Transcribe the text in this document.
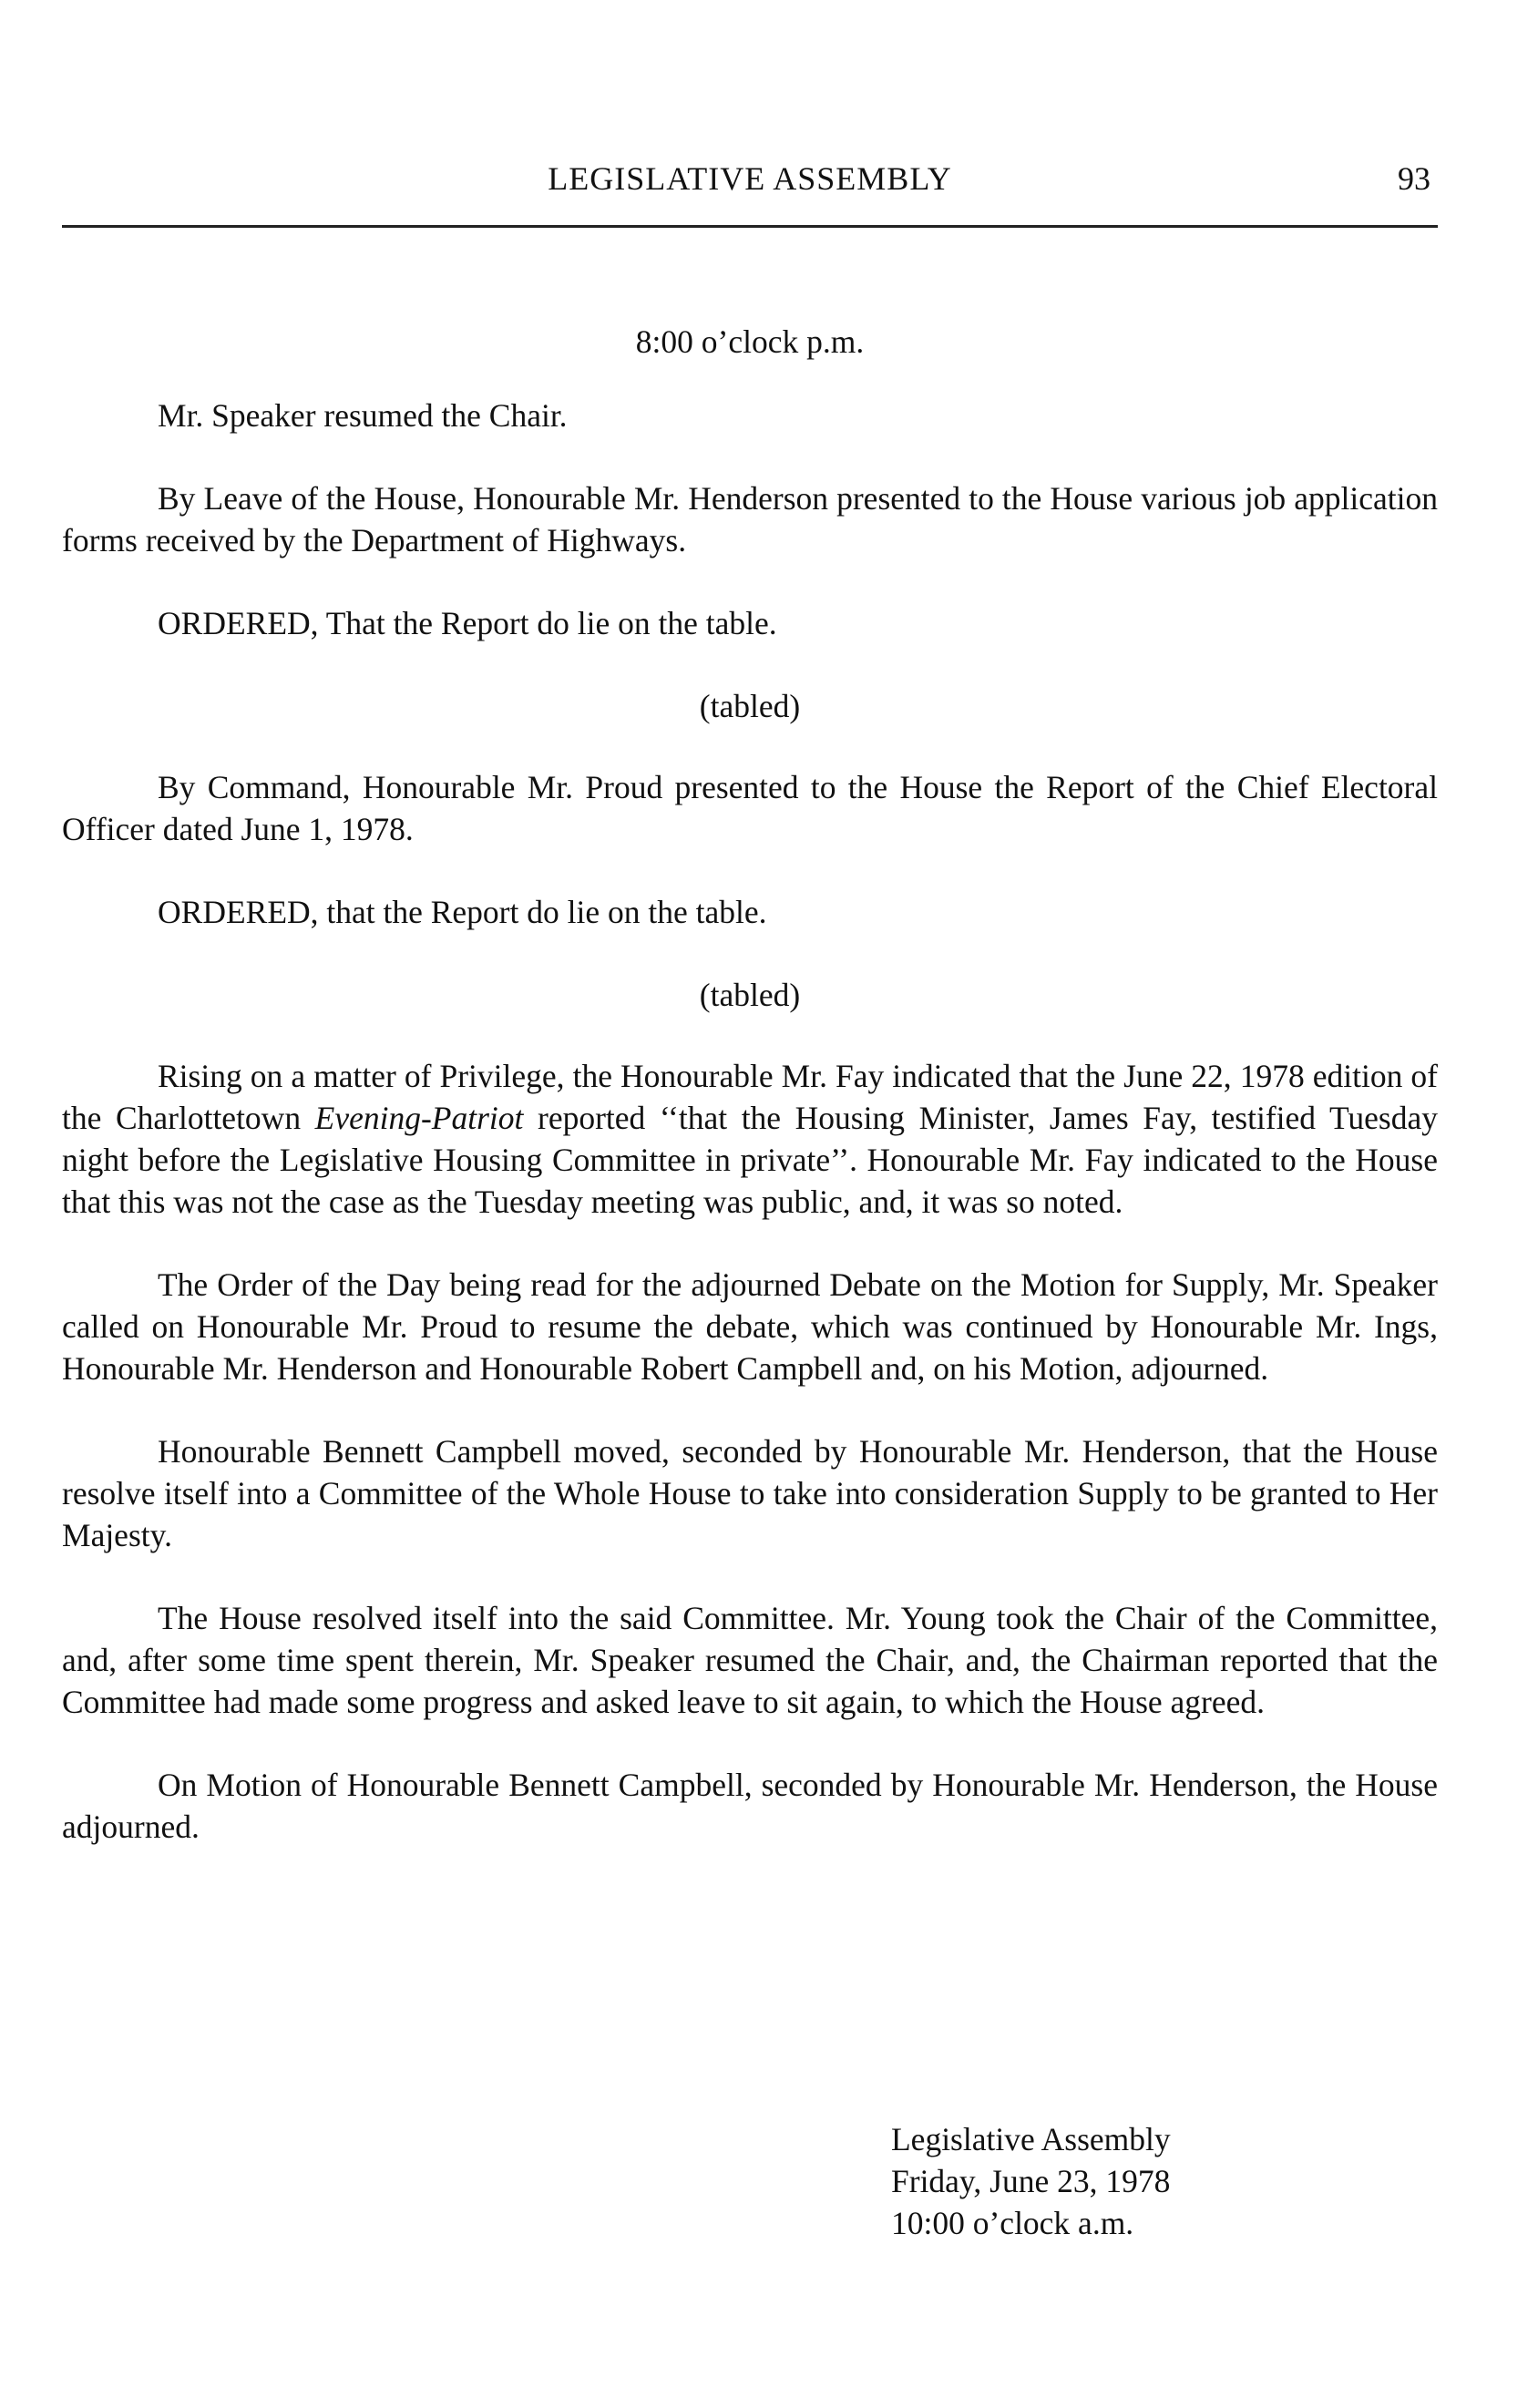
LEGISLATIVE ASSEMBLY	93

8:00 o’clock p.m.

Mr. Speaker resumed the Chair.

By Leave of the House, Honourable Mr. Henderson presented to the House various job application forms received by the Department of Highways.

ORDERED, That the Report do lie on the table.

(tabled)

By Command, Honourable Mr. Proud presented to the House the Report of the Chief Electoral Officer dated June 1, 1978.

ORDERED, that the Report do lie on the table.

(tabled)

Rising on a matter of Privilege, the Honourable Mr. Fay indicated that the June 22, 1978 edition of the Charlottetown Evening-Patriot reported ‘‘that the Housing Minister, James Fay, testified Tuesday night before the Legislative Housing Committee in private’’. Honourable Mr. Fay indicated to the House that this was not the case as the Tuesday meeting was public, and, it was so noted.

The Order of the Day being read for the adjourned Debate on the Motion for Supply, Mr. Speaker called on Honourable Mr. Proud to resume the debate, which was continued by Honourable Mr. Ings, Honourable Mr. Henderson and Honourable Robert Campbell and, on his Motion, adjourned.

Honourable Bennett Campbell moved, seconded by Honourable Mr. Henderson, that the House resolve itself into a Committee of the Whole House to take into consideration Supply to be granted to Her Majesty.

The House resolved itself into the said Committee. Mr. Young took the Chair of the Committee, and, after some time spent therein, Mr. Speaker resumed the Chair, and, the Chairman reported that the Committee had made some progress and asked leave to sit again, to which the House agreed.

On Motion of Honourable Bennett Campbell, seconded by Honourable Mr. Henderson, the House adjourned.

Legislative Assembly
Friday, June 23, 1978
10:00 o’clock a.m.
